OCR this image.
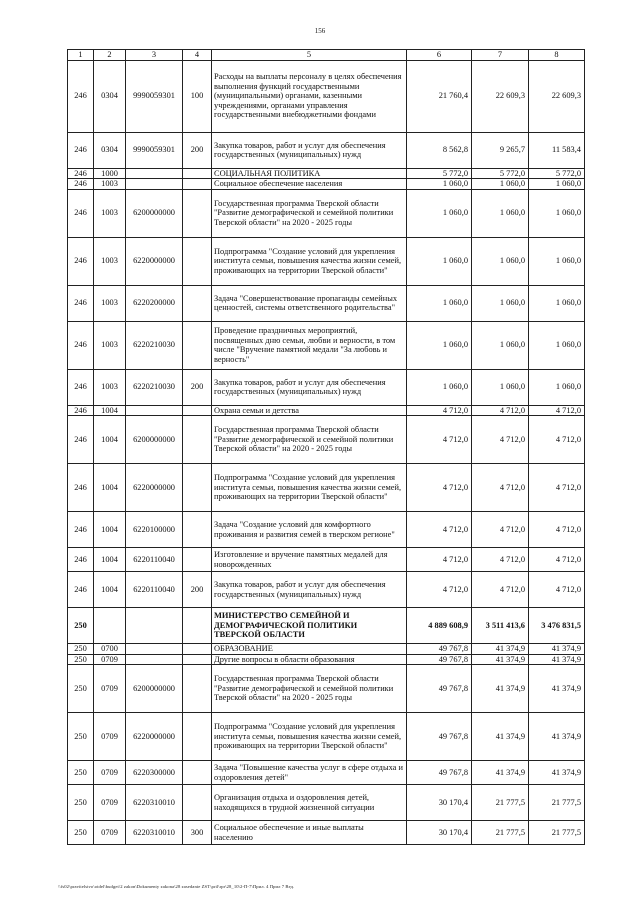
156
1	2	3	4	5	6	7	8
246	0304	9990059301	100	Расходы на выплаты персоналу в целях обеспечения выполнения функций государственными (муниципальными) органами, казенными учреждениями, органами управления государственными внебюджетными фондами	21 760,4	22 609,3	22 609,3
246	0304	9990059301	200	Закупка товаров, работ и услуг для обеспечения государственных (муниципальных) нужд	8 562,8	9 265,7	11 583,4
246	1000			СОЦИАЛЬНАЯ ПОЛИТИКА	5 772,0	5 772,0	5 772,0
246	1003			Социальное обеспечение населения	1 060,0	1 060,0	1 060,0
246	1003	6200000000		Государственная программа Тверской области "Развитие демографической и семейной политики Тверской области" на 2020 - 2025 годы	1 060,0	1 060,0	1 060,0
246	1003	6220000000		Подпрограмма "Создание условий для укрепления института семьи, повышения качества жизни семей, проживающих на территории Тверской области"	1 060,0	1 060,0	1 060,0
246	1003	6220200000		Задача "Совершенствование пропаганды семейных ценностей, системы ответственного родительства"	1 060,0	1 060,0	1 060,0
246	1003	6220210030		Проведение праздничных мероприятий, посвященных дню семьи, любви и верности, в том числе "Вручение памятной медали "За любовь и верность"	1 060,0	1 060,0	1 060,0
246	1003	6220210030	200	Закупка товаров, работ и услуг для обеспечения государственных (муниципальных) нужд	1 060,0	1 060,0	1 060,0
246	1004			Охрана семьи и детства	4 712,0	4 712,0	4 712,0
246	1004	6200000000		Государственная программа Тверской области "Развитие демографической и семейной политики Тверской области" на 2020 - 2025 годы	4 712,0	4 712,0	4 712,0
246	1004	6220000000		Подпрограмма "Создание условий для укрепления института семьи, повышения качества жизни семей, проживающих на территории Тверской области"	4 712,0	4 712,0	4 712,0
246	1004	6220100000		Задача "Создание условий для комфортного проживания и развития семей в тверском регионе"	4 712,0	4 712,0	4 712,0
246	1004	6220110040		Изготовление и вручение памятных медалей для новорожденных	4 712,0	4 712,0	4 712,0
246	1004	6220110040	200	Закупка товаров, работ и услуг для обеспечения государственных (муниципальных) нужд	4 712,0	4 712,0	4 712,0
250				МИНИСТЕРСТВО СЕМЕЙНОЙ И ДЕМОГРАФИЧЕСКОЙ ПОЛИТИКИ ТВЕРСКОЙ ОБЛАСТИ	4 889 608,9	3 511 413,6	3 476 831,5
250	0700			ОБРАЗОВАНИЕ	49 767,8	41 374,9	41 374,9
250	0709			Другие вопросы в области образования	49 767,8	41 374,9	41 374,9
250	0709	6200000000		Государственная программа Тверской области "Развитие демографической и семейной политики Тверской области" на 2020 - 2025 годы	49 767,8	41 374,9	41 374,9
250	0709	6220000000		Подпрограмма "Создание условий для укрепления института семьи, повышения качества жизни семей, проживающих на территории Тверской области"	49 767,8	41 374,9	41 374,9
250	0709	6220300000		Задача "Повышение качества услуг в сфере отдыха и оздоровления детей"	49 767,8	41 374,9	41 374,9
250	0709	6220310010		Организация отдыха и оздоровления детей, находящихся в трудной жизненной ситуации	30 170,4	21 777,5	21 777,5
250	0709	6220310010	300	Социальное обеспечение и иные выплаты населению	30 170,4	21 777,5	21 777,5
\\fs02\pravitelstvo\otdel\budget\2 zakon\Dokumenty zakona\28 zasedanie ZST\pril\rpr\28_10\2-П-7\Прил. 4 Прил 7 Вед.
